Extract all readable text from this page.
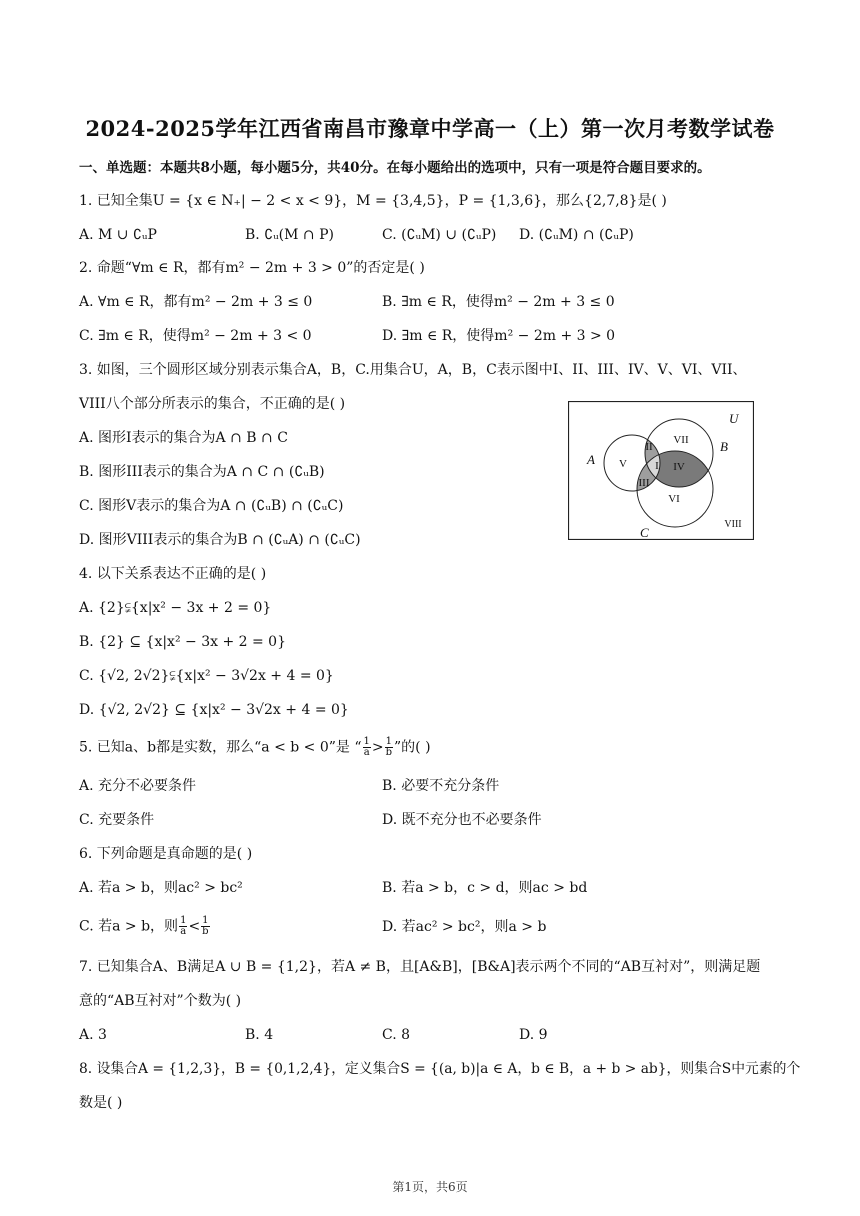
2024-2025学年江西省南昌市豫章中学高一（上）第一次月考数学试卷
一、单选题：本题共8小题，每小题5分，共40分。在每小题给出的选项中，只有一项是符合题目要求的。
1. 已知全集U = {x ∈ N₊| − 2 < x < 9}，M = {3,4,5}，P = {1,3,6}，那么{2,7,8}是( )
A. M ∪ ∁ᵤP	B. ∁ᵤ(M ∩ P)	C. (∁ᵤM) ∪ (∁ᵤP) D. (∁ᵤM) ∩ (∁ᵤP)
2. 命题“∀m ∈ R，都有m² − 2m + 3 > 0”的否定是( )
A. ∀m ∈ R，都有m² − 2m + 3 ≤ 0	B. ∃m ∈ R，使得m² − 2m + 3 ≤ 0
C. ∃m ∈ R，使得m² − 2m + 3 < 0	D. ∃m ∈ R，使得m² − 2m + 3 > 0
3. 如图，三个圆形区域分别表示集合A，B，C.用集合U，A，B，C表示图中I、II、III、IV、V、VI、VII、
VIII八个部分所表示的集合，不正确的是( )
A. 图形I表示的集合为A ∩ B ∩ C
B. 图形III表示的集合为A ∩ C ∩ (∁ᵤB)
C. 图形V表示的集合为A ∩ (∁ᵤB) ∩ (∁ᵤC)
D. 图形VIII表示的集合为B ∩ (∁ᵤA) ∩ (∁ᵤC)
U
A
B
C
V
II
VII
I IV
III
VI
VIII
4. 以下关系表达不正确的是( )
A. {2}⫋{x|x² − 3x + 2 = 0}
B. {2} ⊆ {x|x² − 3x + 2 = 0}
C. {√2, 2√2}⫋{x|x² − 3√2x + 4 = 0}
D. {√2, 2√2} ⊆ {x|x² − 3√2x + 4 = 0}
5. 已知a、b都是实数，那么“a < b < 0”是 “ $\frac{1}{a} > \frac{1}{b}$ ”的( )
A. 充分不必要条件	B. 必要不充分条件
C. 充要条件	D. 既不充分也不必要条件
6. 下列命题是真命题的是( )
A. 若a > b，则ac² > bc²	B. 若a > b，c > d，则ac > bd
C. 若a > b，则 $\frac{1}{a} < \frac{1}{b}$	D. 若ac² > bc²，则a > b
7. 已知集合A、B满足A ∪ B = {1,2}，若A ≠ B，且[A&B]，[B&A]表示两个不同的“AB互衬对”，则满足题
意的“AB互衬对”个数为( )
A. 3	B. 4	C. 8	D. 9
8. 设集合A = {1,2,3}，B = {0,1,2,4}，定义集合S = {(a, b)|a ∈ A，b ∈ B，a + b > ab}，则集合S中元素的个
数是( )
第1页，共6页
